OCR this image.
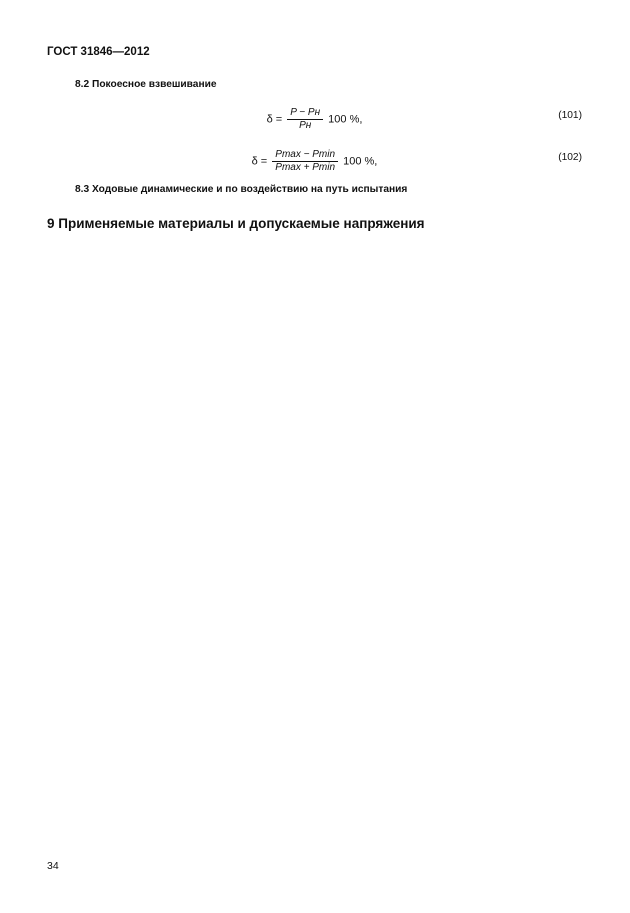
ГОСТ 31846—2012

8.2 Покоесное взвешивание

$\delta = \frac{P - Pн}{Pн} 100$ %,	(101)
$\delta = \frac{Pmax - Pmin}{Pmax + Pmin} 100$ %,	(102)

8.3 Ходовые динамические и по воздействию на путь испытания

9 Применяемые материалы и допускаемые напряжения
34
